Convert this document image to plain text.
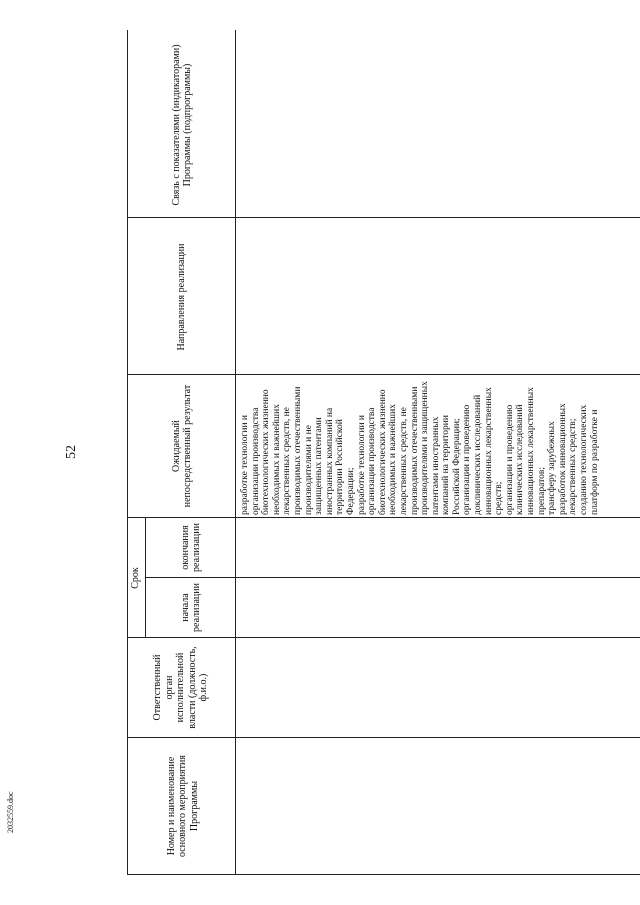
52
2032559.doc	Номер и наименование основного мероприятия Программы
Ответственный орган исполнительной власти (должность, ф.и.о.)
Срок
начала реализации
окончания реализации
Ожидаемый непосредственный результат
Направления реализации
Связь с показателями (индикаторами) Программы (подпрограммы)
разработке технологии и организации производства биотехнологических жизненно необходимых и важнейших лекарственных средств, не производимых отечественными производителями и не защищенных патентами иностранных компаний на территории Российской Федерации; разработке технологии и организации производства биотехнологических жизненно необходимых и важнейших лекарственных средств, не производимых отечественными производителями и защищенных патентами иностранных компаний на территории Российской Федерации; организации и проведению доклинических исследований инновационных лекарственных средств; организации и проведению клинических исследований инновационных лекарственных препаратов; трансферу зарубежных разработок инновационных лекарственных средств; созданию технологических платформ по разработке и
